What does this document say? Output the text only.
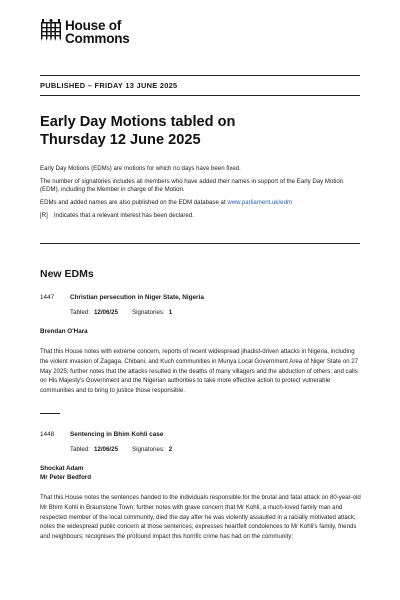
House of
Commons
PUBLISHED – FRIDAY 13 JUNE 2025
Early Day Motions tabled on
Thursday 12 June 2025

Early Day Motions (EDMs) are motions for which no days have been fixed.

The number of signatories includes all members who have added their names in support of the Early Day Motion (EDM), including the Member in charge of the Motion.

EDMs and added names are also published on the EDM database at www.parliament.uk/edm

[R] Indicates that a relevant interest has been declared.

New EDMs
1447	Christian persecution in Niger State, Nigeria
Tabled: 12/06/25 Signatories: 1
Brendan O'Hara
That this House notes with extreme concern, reports of recent widespread jihadist-driven attacks in Nigeria, including the violent invasion of Zagaga, Chibani, and Kuch communities in Munya Local Government Area of Niger State on 27 May 2025; further notes that the attacks resulted in the deaths of many villagers and the abduction of others; and calls on His Majesty's Government and the Nigerian authorities to take more effective action to protect vulnerable communities and to bring to justice those responsible.
1448	Sentencing in Bhim Kohli case
Tabled: 12/06/25 Signatories: 2
Shockat Adam
Mr Peter Bedford
That this House notes the sentences handed to the individuals responsible for the brutal and fatal attack on 80-year-old Mr Bhim Kohli in Braunstone Town; further notes with grave concern that Mr Kohli, a much-loved family man and respected member of the local community, died the day after he was violently assaulted in a racially motivated attack; notes the widespread public concern at those sentences; expresses heartfelt condolences to Mr Kohli's family, friends and neighbours; recognises the profound impact this horrific crime has had on the community;
